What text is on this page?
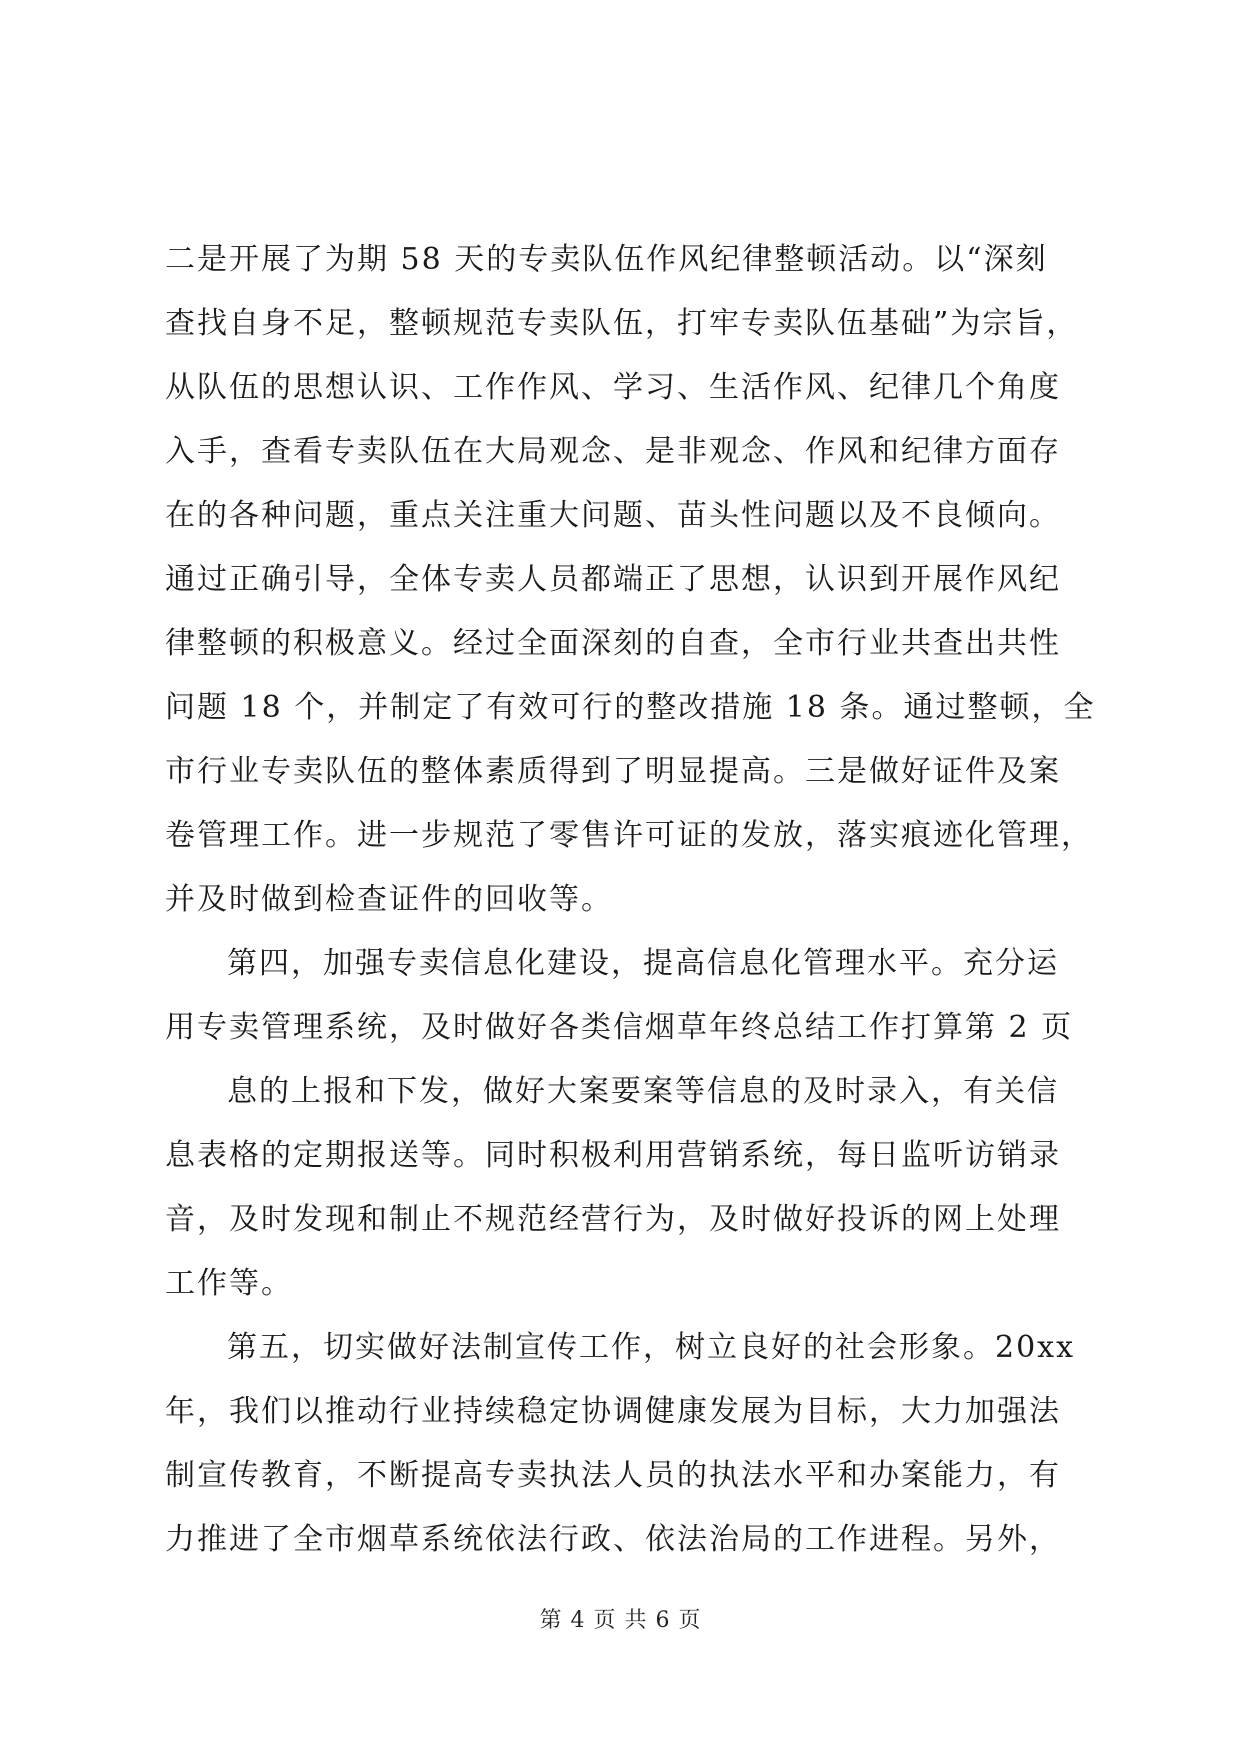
二是开展了为期 58 天的专卖队伍作风纪律整顿活动。以“深刻
查找自身不足，整顿规范专卖队伍，打牢专卖队伍基础”为宗旨，
从队伍的思想认识、工作作风、学习、生活作风、纪律几个角度
入手，查看专卖队伍在大局观念、是非观念、作风和纪律方面存
在的各种问题，重点关注重大问题、苗头性问题以及不良倾向。
通过正确引导，全体专卖人员都端正了思想，认识到开展作风纪
律整顿的积极意义。经过全面深刻的自查，全市行业共查出共性
问题 18 个，并制定了有效可行的整改措施 18 条。通过整顿，全
市行业专卖队伍的整体素质得到了明显提高。三是做好证件及案
卷管理工作。进一步规范了零售许可证的发放，落实痕迹化管理，
并及时做到检查证件的回收等。
第四，加强专卖信息化建设，提高信息化管理水平。充分运
用专卖管理系统，及时做好各类信烟草年终总结工作打算第 2 页
息的上报和下发，做好大案要案等信息的及时录入，有关信
息表格的定期报送等。同时积极利用营销系统，每日监听访销录
音，及时发现和制止不规范经营行为，及时做好投诉的网上处理
工作等。
第五，切实做好法制宣传工作，树立良好的社会形象。20xx
年，我们以推动行业持续稳定协调健康发展为目标，大力加强法
制宣传教育，不断提高专卖执法人员的执法水平和办案能力，有
力推进了全市烟草系统依法行政、依法治局的工作进程。另外，
第 4 页 共 6 页
